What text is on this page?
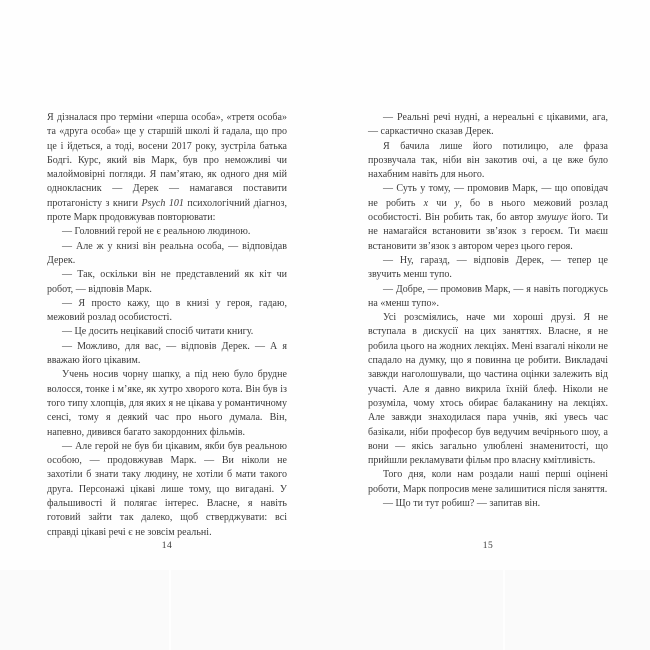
Я дізналася про терміни «перша особа», «третя особа» та «друга особа» ще у старшій школі й гадала, що про це і йдеться, а тоді, восени 2017 року, зустріла батька Бодгі. Курс, який вів Марк, був про неможливі чи малоймовірні погляди. Я пам’ятаю, як одного дня мій однокласник — Дерек — намагався поставити протагоністу з книги Psych 101 психологічний діагноз, проте Марк продовжував повторювати:

— Головний герой не є реальною людиною.

— Але ж у книзі він реальна особа, — відповідав Дерек.

— Так, оскільки він не представлений як кіт чи робот, — відповів Марк.

— Я просто кажу, що в книзі у героя, гадаю, межовий розлад особистості.

— Це досить нецікавий спосіб читати книгу.

— Можливо, для вас, — відповів Дерек. — А я вважаю його цікавим.

Учень носив чорну шапку, а під нею було брудне волосся, тонке і м’яке, як хутро хворого кота. Він був із того типу хлопців, для яких я не цікава у романтичному сенсі, тому я деякий час про нього думала. Він, напевно, дивився багато закордонних фільмів.

— Але герой не був би цікавим, якби був реальною особою, — продовжував Марк. — Ви ніколи не захотіли б знати таку людину, не хотіли б мати такого друга. Персонажі цікаві лише тому, що вигадані. У фальшивості й полягає інтерес. Власне, я навіть готовий зайти так далеко, щоб стверджувати: всі справді цікаві речі є не зовсім реальні.

— Реальні речі нудні, а нереальні є цікавими, ага, — саркастично сказав Дерек.

Я бачила лише його потилицю, але фраза прозвучала так, ніби він закотив очі, а це вже було нахабним навіть для нього.

— Суть у тому, — промовив Марк, — що оповідач не робить x чи y, бо в нього межовий розлад особистості. Він робить так, бо автор змушує його. Ти не намагайся встановити зв’язок з героєм. Ти маєш встановити зв’язок з автором через цього героя.

— Ну, гаразд, — відповів Дерек, — тепер це звучить менш тупо.

— Добре, — промовив Марк, — я навіть погоджусь на «менш тупо».

Усі розсміялись, наче ми хороші друзі. Я не вступала в дискусії на цих заняттях. Власне, я не робила цього на жодних лекціях. Мені взагалі ніколи не спадало на думку, що я повинна це робити. Викладачі завжди наголошували, що частина оцінки залежить від участі. Але я давно викрила їхній блеф. Ніколи не розуміла, чому хтось обирає балаканину на лекціях. Але завжди знаходилася пара учнів, які увесь час базікали, ніби професор був ведучим вечірнього шоу, а вони — якісь загально улюблені знаменитості, що прийшли рекламувати фільм про власну кмітливість.

Того дня, коли нам роздали наші перші оцінені роботи, Марк попросив мене залишитися після заняття.

— Що ти тут робиш? — запитав він.

14	15
